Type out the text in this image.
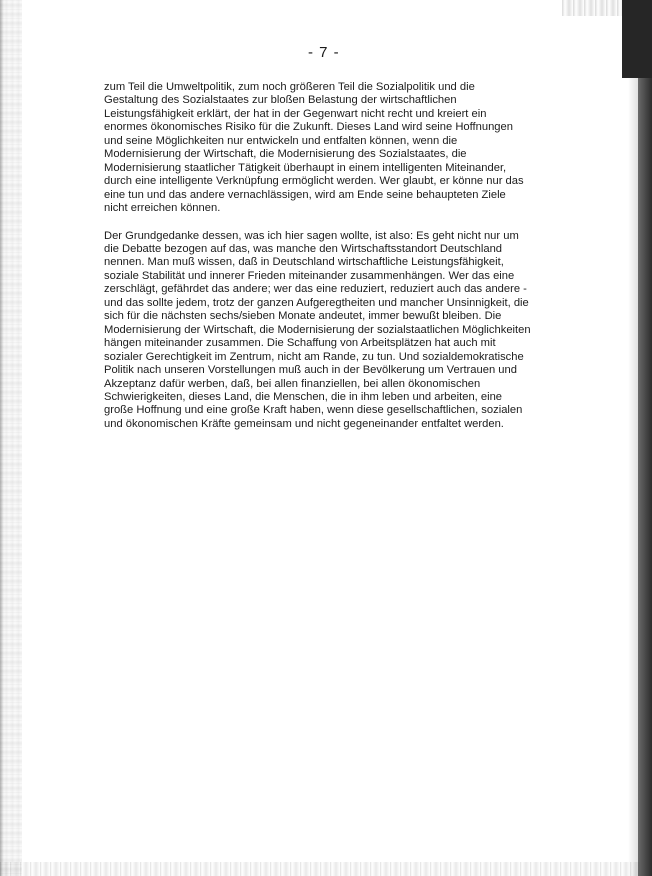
- 7 -

zum Teil die Umweltpolitik, zum noch größeren Teil die Sozialpolitik und die
Gestaltung des Sozialstaates zur bloßen Belastung der wirtschaftlichen
Leistungsfähigkeit erklärt, der hat in der Gegenwart nicht recht und kreiert ein
enormes ökonomisches Risiko für die Zukunft. Dieses Land wird seine Hoffnungen
und seine Möglichkeiten nur entwickeln und entfalten können, wenn die
Modernisierung der Wirtschaft, die Modernisierung des Sozialstaates, die
Modernisierung staatlicher Tätigkeit überhaupt in einem intelligenten Miteinander,
durch eine intelligente Verknüpfung ermöglicht werden. Wer glaubt, er könne nur das
eine tun und das andere vernachlässigen, wird am Ende seine behaupteten Ziele
nicht erreichen können.

Der Grundgedanke dessen, was ich hier sagen wollte, ist also: Es geht nicht nur um
die Debatte bezogen auf das, was manche den Wirtschaftsstandort Deutschland
nennen. Man muß wissen, daß in Deutschland wirtschaftliche Leistungsfähigkeit,
soziale Stabilität und innerer Frieden miteinander zusammenhängen. Wer das eine
zerschlägt, gefährdet das andere; wer das eine reduziert, reduziert auch das andere -
und das sollte jedem, trotz der ganzen Aufgeregtheiten und mancher Unsinnigkeit, die
sich für die nächsten sechs/sieben Monate andeutet, immer bewußt bleiben. Die
Modernisierung der Wirtschaft, die Modernisierung der sozialstaatlichen Möglichkeiten
hängen miteinander zusammen. Die Schaffung von Arbeitsplätzen hat auch mit
sozialer Gerechtigkeit im Zentrum, nicht am Rande, zu tun. Und sozialdemokratische
Politik nach unseren Vorstellungen muß auch in der Bevölkerung um Vertrauen und
Akzeptanz dafür werben, daß, bei allen finanziellen, bei allen ökonomischen
Schwierigkeiten, dieses Land, die Menschen, die in ihm leben und arbeiten, eine
große Hoffnung und eine große Kraft haben, wenn diese gesellschaftlichen, sozialen
und ökonomischen Kräfte gemeinsam und nicht gegeneinander entfaltet werden.
